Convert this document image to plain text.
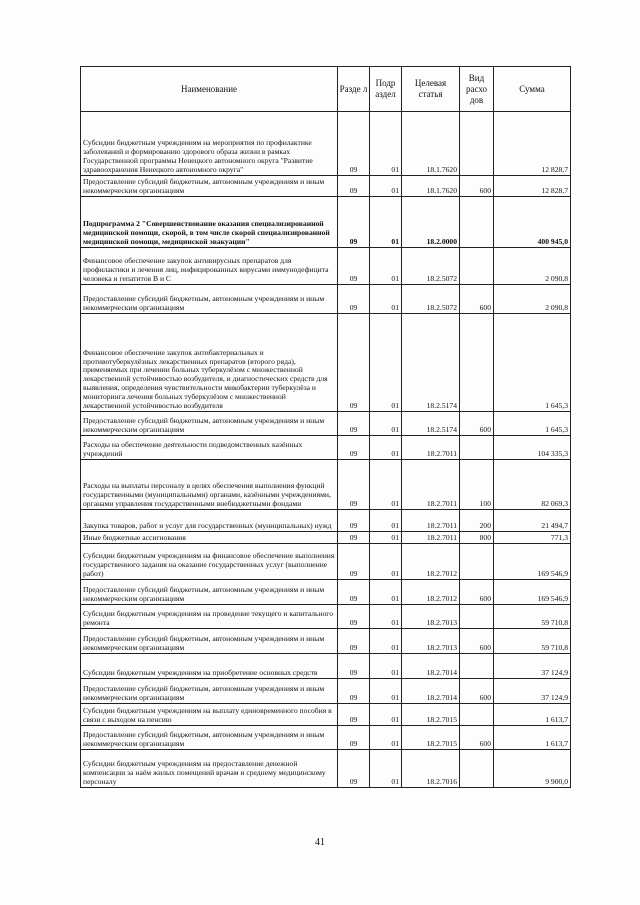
Наименование	Разде л	Подр аздел	Целевая статья	Вид расхо дов	Сумма
Субсидии бюджетным учреждениям на мероприятия по профилактике заболеваний и формированию здорового образа жизни в рамках Государственной программы Ненецкого автономного округа "Развитие здравоохранения Ненецкого автономного округа"	09	01	18.1.7620		12 828,7
Предоставление субсидий бюджетным, автономным учреждениям и иным некоммерческим организациям	09	01	18.1.7620	600	12 828,7
Подпрограмма 2 "Совершенствование оказания специализированной медицинской помощи, скорой, в том числе скорой специализированной медицинской помощи, медицинской эвакуации"	09	01	18.2.0000		400 945,0
Финансовое обеспечение закупок антивирусных препаратов для профилактики и лечения лиц, инфицированных вирусами иммунодефицита человека и гепатитов В и С	09	01	18.2.5072		2 090,8
Предоставление субсидий бюджетным, автономным учреждениям и иным некоммерческим организациям	09	01	18.2.5072	600	2 090,8
Финансовое обеспечение закупок антибактериальных и противотуберкулёзных лекарственных препаратов (второго ряда), применяемых при лечении больных туберкулёзом с множественной лекарственной устойчивостью возбудителя, и диагностических средств для выявления, определения чувствительности микобактерии туберкулёза и мониторинга лечения больных туберкулёзом с множественной лекарственной устойчивостью возбудителя	09	01	18.2.5174		1 645,3
Предоставление субсидий бюджетным, автономным учреждениям и иным некоммерческим организациям	09	01	18.2.5174	600	1 645,3
Расходы на обеспечение деятельности подведомственных казённых учреждений	09	01	18.2.7011		104 335,3
Расходы на выплаты персоналу в целях обеспечения выполнения функций государственными (муниципальными) органами, казёнными учреждениями, органами управления государственными внебюджетными фондами	09	01	18.2.7011	100	82 069,3
Закупка товаров, работ и услуг для государственных (муниципальных) нужд	09	01	18.2.7011	200	21 494,7
Иные бюджетные ассигнования	09	01	18.2.7011	800	771,3
Субсидии бюджетным учреждениям на финансовое обеспечение выполнения государственного задания на оказание государственных услуг (выполнение работ)	09	01	18.2.7012		169 546,9
Предоставление субсидий бюджетным, автономным учреждениям и иным некоммерческим организациям	09	01	18.2.7012	600	169 546,9
Субсидии бюджетным учреждениям на проведение текущего и капитального ремонта	09	01	18.2.7013		59 710,8
Предоставление субсидий бюджетным, автономным учреждениям и иным некоммерческим организациям	09	01	18.2.7013	600	59 710,8
Субсидии бюджетным учреждениям на приобретение основных средств	09	01	18.2.7014		37 124,9
Предоставление субсидий бюджетным, автономным учреждениям и иным некоммерческим организациям	09	01	18.2.7014	600	37 124,9
Субсидии бюджетным учреждениям на выплату единовременного пособия в связи с выходом на пенсию	09	01	18.2.7015		1 613,7
Предоставление субсидий бюджетным, автономным учреждениям и иным некоммерческим организациям	09	01	18.2.7015	600	1 613,7
Субсидии бюджетным учреждениям на предоставление денежной компенсации за наём жилых помещений врачам и среднему медицинскому персоналу	09	01	18.2.7016		9 900,0
41
